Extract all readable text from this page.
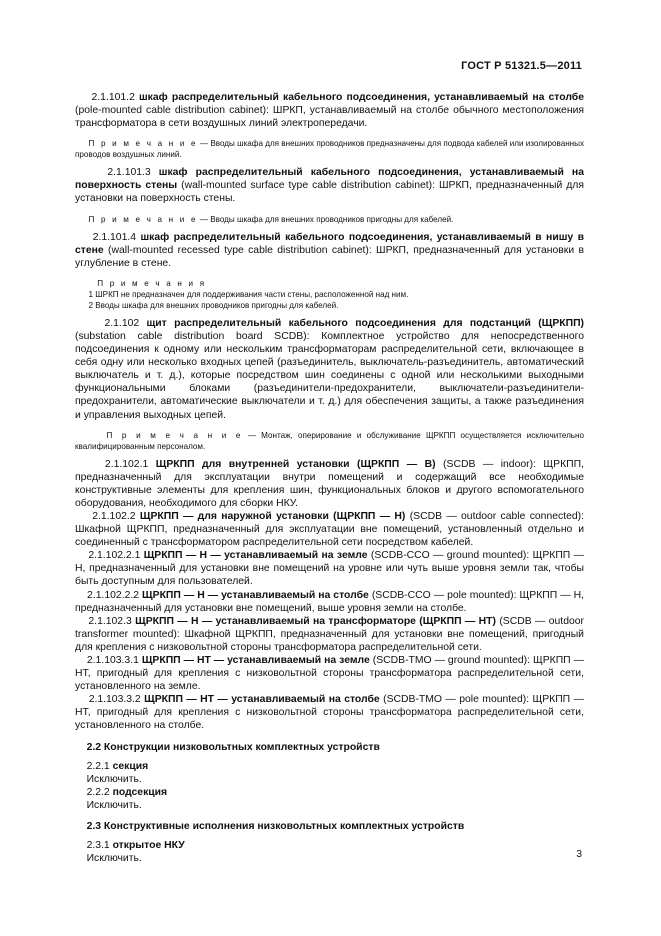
ГОСТ Р 51321.5—2011

2.1.101.2 шкаф распределительный кабельного подсоединения, устанавливаемый на столбе (pole-mounted cable distribution cabinet): ШРКП, устанавливаемый на столбе обычного местоположения трансформатора в сети воздушных линий электропередачи.

П р и м е ч а н и е — Вводы шкафа для внешних проводников предназначены для подвода кабелей или изолированных проводов воздушных линий.

2.1.101.3 шкаф распределительный кабельного подсоединения, устанавливаемый на поверхность стены (wall-mounted surface type cable distribution cabinet): ШРКП, предназначенный для установки на поверхность стены.

П р и м е ч а н и е — Вводы шкафа для внешних проводников пригодны для кабелей.

2.1.101.4 шкаф распределительный кабельного подсоединения, устанавливаемый в нишу в стене (wall-mounted recessed type cable distribution cabinet): ШРКП, предназначенный для установки в углубление в стене.

П р и м е ч а н и я
1 ШРКП не предназначен для поддерживания части стены, расположенной над ним.
2 Вводы шкафа для внешних проводников пригодны для кабелей.

2.1.102 щит распределительный кабельного подсоединения для подстанций (ЩРКПП) (substation cable distribution board SCDB): Комплектное устройство для непосредственного подсоединения к одному или нескольким трансформаторам распределительной сети, включающее в себя одну или несколько входных цепей (разъединитель, выключатель-разъединитель, автоматический выключатель и т. д.), которые посредством шин соединены с одной или несколькими выходными функциональными блоками (разъединители-предохранители, выключатели-разъединители-предохранители, автоматические выключатели и т. д.) для обеспечения защиты, а также разъединения и управления выходных цепей.

П р и м е ч а н и е — Монтаж, оперирование и обслуживание ЩРКПП осуществляется исключительно квалифицированным персоналом.

2.1.102.1 ЩРКПП для внутренней установки (ЩРКПП — В) (SCDB — indoor): ЩРКПП, предназначенный для эксплуатации внутри помещений и содержащий все необходимые конструктивные элементы для крепления шин, функциональных блоков и другого вспомогательного оборудования, необходимого для сборки НКУ.

2.1.102.2 ЩРКПП — для наружной установки (ЩРКПП — Н) (SCDB — outdoor cable connected): Шкафной ЩРКПП, предназначенный для эксплуатации вне помещений, установленный отдельно и соединенный с трансформатором распределительной сети посредством кабелей.

2.1.102.2.1 ЩРКПП — Н — устанавливаемый на земле (SCDB-CCO — ground mounted): ЩРКПП — Н, предназначенный для установки вне помещений на уровне или чуть выше уровня земли так, чтобы быть доступным для пользователей.

2.1.102.2.2 ЩРКПП — Н — устанавливаемый на столбе (SCDB-CCO — pole mounted): ЩРКПП — Н, предназначенный для установки вне помещений, выше уровня земли на столбе.

2.1.102.3 ЩРКПП — Н — устанавливаемый на трансформаторе (ЩРКПП — НТ) (SCDB — outdoor transformer mounted): Шкафной ЩРКПП, предназначенный для установки вне помещений, пригодный для крепления с низковольтной стороны трансформатора распределительной сети.

2.1.103.3.1 ЩРКПП — НТ — устанавливаемый на земле (SCDB-TMO — ground mounted): ЩРКПП — НТ, пригодный для крепления с низковольтной стороны трансформатора распределительной сети, установленного на земле.

2.1.103.3.2 ЩРКПП — НТ — устанавливаемый на столбе (SCDB-TMO — pole mounted): ЩРКПП — НТ, пригодный для крепления с низковольтной стороны трансформатора распределительной сети, установленного на столбе.

2.2 Конструкции низковольтных комплектных устройств

2.2.1 секция

Исключить.

2.2.2 подсекция

Исключить.

2.3 Конструктивные исполнения низковольтных комплектных устройств

2.3.1 открытое НКУ

Исключить.	3
